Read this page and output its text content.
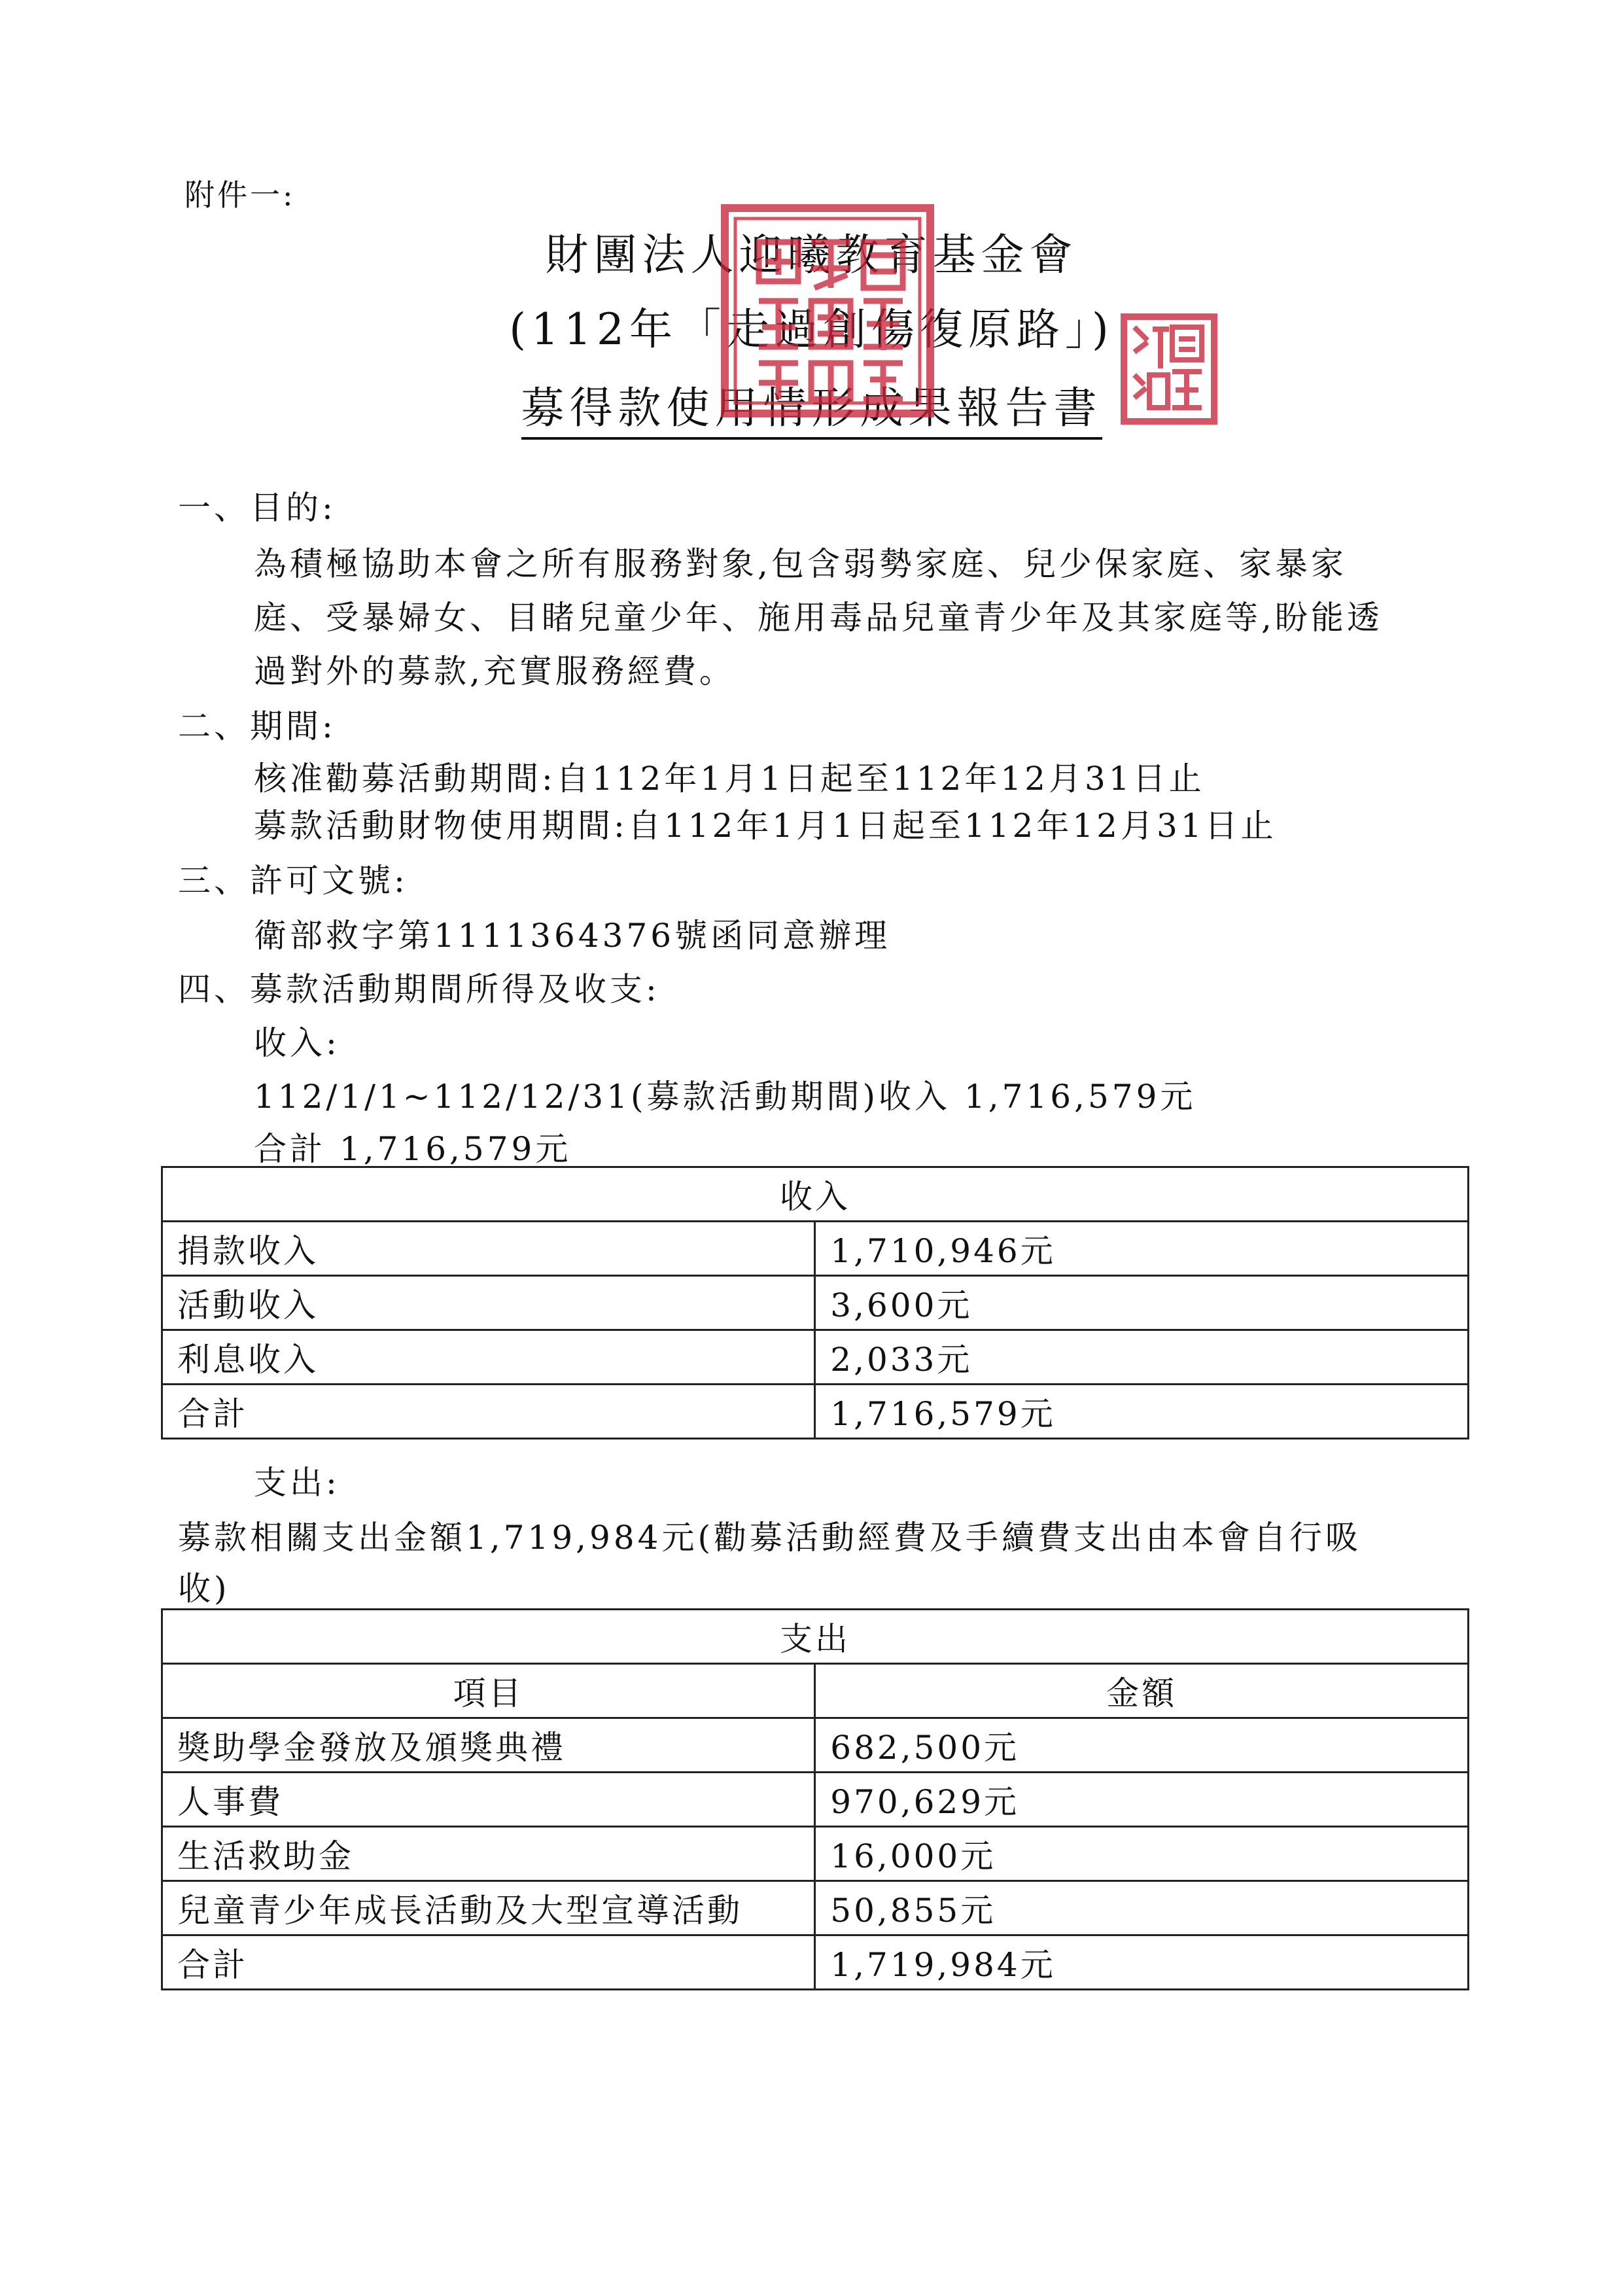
附件一:
財團法人迎曦教育基金會
(112年「走過創傷復原路」)
募得款使用情形成果報告書
一、目的:
為積極協助本會之所有服務對象,包含弱勢家庭、兒少保家庭、家暴家
庭、受暴婦女、目睹兒童少年、施用毒品兒童青少年及其家庭等,盼能透
過對外的募款,充實服務經費。
二、期間:
核准勸募活動期間:自112年1月1日起至112年12月31日止
募款活動財物使用期間:自112年1月1日起至112年12月31日止
三、許可文號:
衛部救字第1111364376號函同意辦理
四、募款活動期間所得及收支:
收入:
112/1/1~112/12/31(募款活動期間)收入 1,716,579元
合計 1,716,579元
收入	
捐款收入	1,710,946元
活動收入	3,600元
利息收入	2,033元
合計	1,716,579元
支出:
募款相關支出金額1,719,984元(勸募活動經費及手續費支出由本會自行吸
收)
支出	
項目	金額
獎助學金發放及頒獎典禮	682,500元
人事費	970,629元
生活救助金	16,000元
兒童青少年成長活動及大型宣導活動	50,855元
合計	1,719,984元
